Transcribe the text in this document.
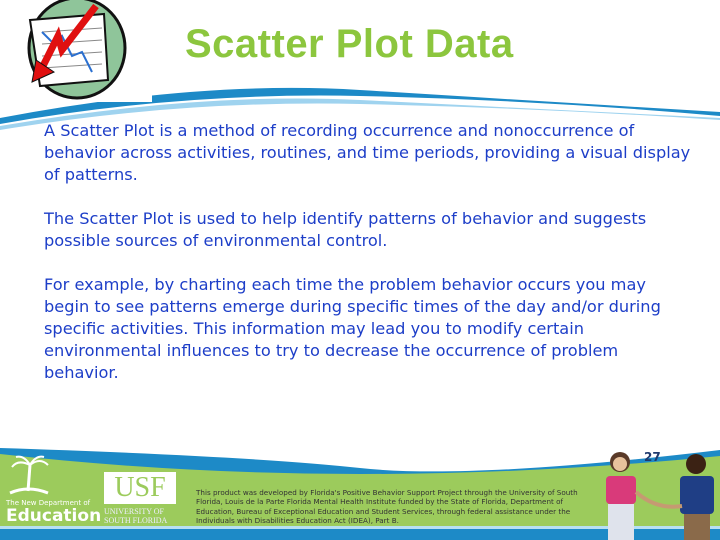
Scatter Plot Data

A Scatter Plot is a method of recording occurrence and nonoccurrence of behavior across activities, routines, and time periods, providing a visual display of patterns.

The Scatter Plot is used to help identify patterns of behavior and suggests possible sources of environmental control.

For example, by charting each time the problem behavior occurs you may begin to see patterns emerge during specific times of the day and/or during specific activities. This information may lead you to modify certain environmental influences to try to decrease the occurrence of problem behavior.

27
The New Department of
Education
USF
UNIVERSITY OF
SOUTH FLORIDA
This product was developed by Florida's Positive Behavior Support Project through the University of South Florida, Louis de la Parte Florida Mental Health Institute funded by the State of Florida, Department of Education, Bureau of Exceptional Education and Student Services, through federal assistance under the Individuals with Disabilities Education Act (IDEA), Part B.
